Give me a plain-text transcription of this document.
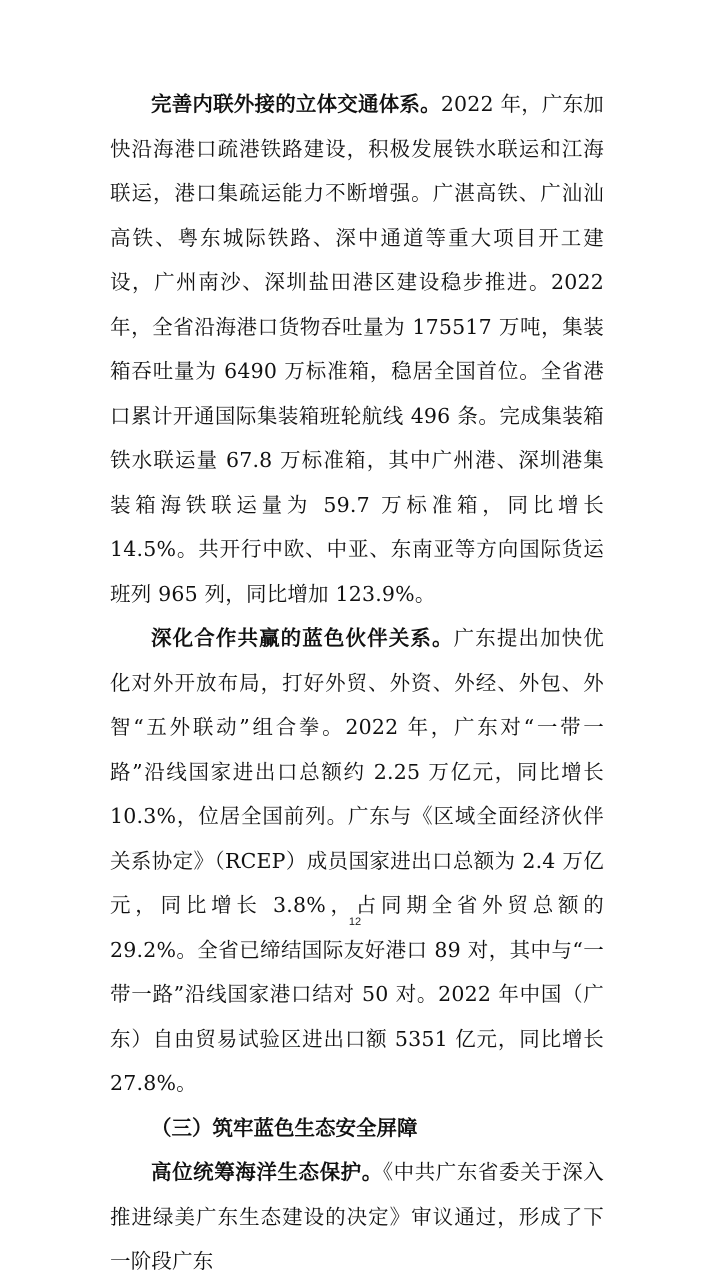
完善内联外接的立体交通体系。2022 年，广东加快沿海港口疏港铁路建设，积极发展铁水联运和江海联运，港口集疏运能力不断增强。广湛高铁、广汕汕高铁、粤东城际铁路、深中通道等重大项目开工建设，广州南沙、深圳盐田港区建设稳步推进。2022 年，全省沿海港口货物吞吐量为 175517 万吨，集装箱吞吐量为 6490 万标准箱，稳居全国首位。全省港口累计开通国际集装箱班轮航线 496 条。完成集装箱铁水联运量 67.8 万标准箱，其中广州港、深圳港集装箱海铁联运量为 59.7 万标准箱，同比增长 14.5%。共开行中欧、中亚、东南亚等方向国际货运班列 965 列，同比增加 123.9%。

深化合作共赢的蓝色伙伴关系。广东提出加快优化对外开放布局，打好外贸、外资、外经、外包、外智“五外联动”组合拳。2022 年，广东对“一带一路”沿线国家进出口总额约 2.25 万亿元，同比增长 10.3%，位居全国前列。广东与《区域全面经济伙伴关系协定》（RCEP）成员国家进出口总额为 2.4 万亿元，同比增长 3.8%，占同期全省外贸总额的 29.2%。全省已缔结国际友好港口 89 对，其中与“一带一路”沿线国家港口结对 50 对。2022 年中国（广东）自由贸易试验区进出口额 5351 亿元，同比增长 27.8%。

（三）筑牢蓝色生态安全屏障

高位统筹海洋生态保护。《中共广东省委关于深入推进绿美广东生态建设的决定》审议通过，形成了下一阶段广东

12
